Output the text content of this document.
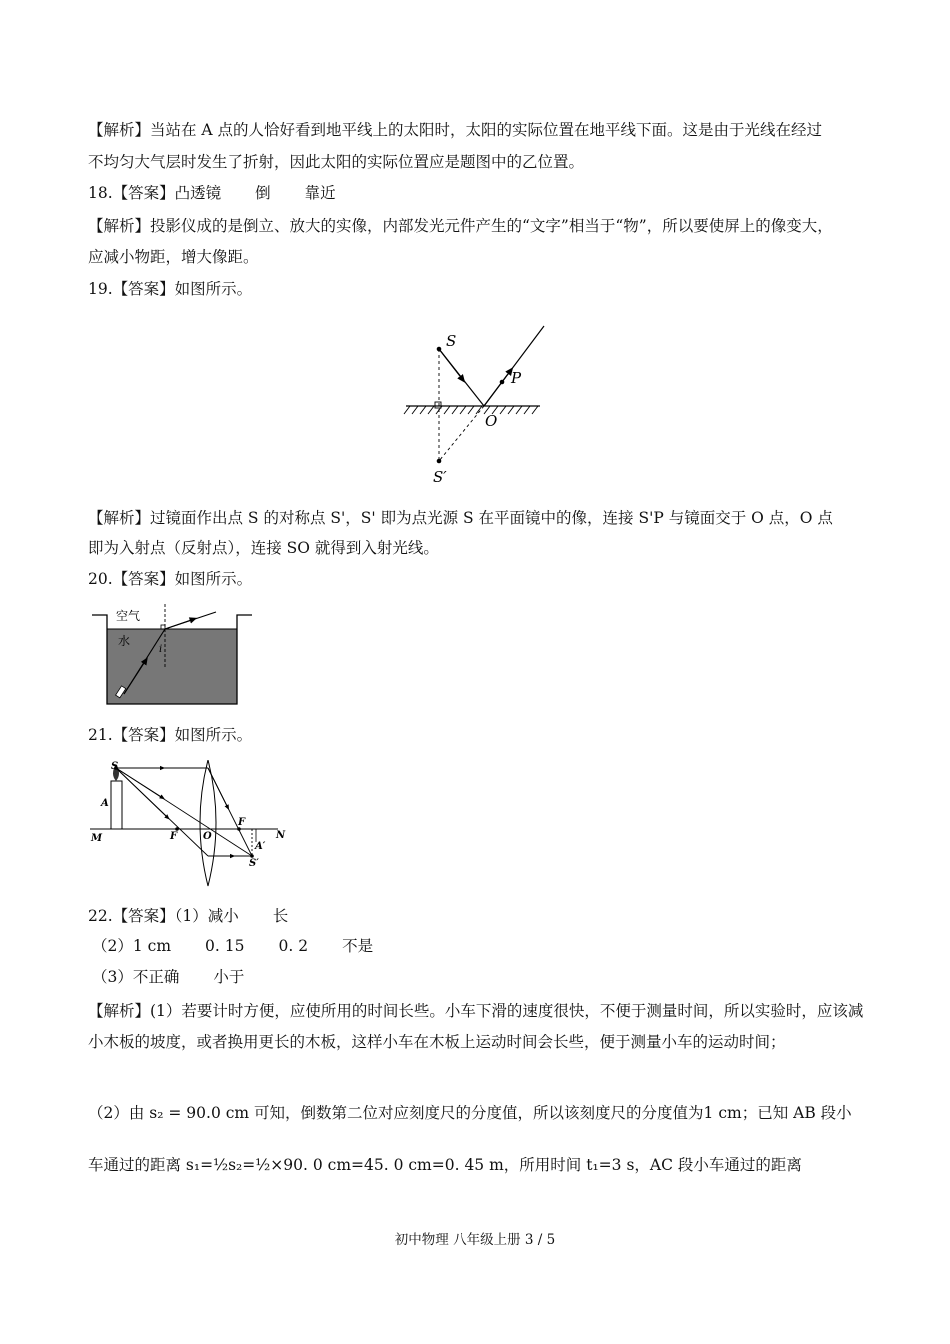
【解析】当站在 A 点的人恰好看到地平线上的太阳时，太阳的实际位置在地平线下面。这是由于光线在经过
不均匀大气层时发生了折射，因此太阳的实际位置应是题图中的乙位置。
18.【答案】凸透镜 倒 靠近
【解析】投影仪成的是倒立、放大的实像，内部发光元件产生的“文字”相当于“物”，所以要使屏上的像变大，
应减小物距，增大像距。
19.【答案】如图所示。
S
P
O
S′
【解析】过镜面作出点 S 的对称点 S'，S' 即为点光源 S 在平面镜中的像，连接 S'P 与镜面交于 O 点，O 点
即为入射点（反射点），连接 SO 就得到入射光线。
20.【答案】如图所示。
空气
水
i
21.【答案】如图所示。
S
A
M	F	O
F
N
A′
S′
22.【答案】（1）减小 长
（2）1 cm 0. 15 0. 2 不是
（3）不正确 小于
【解析】(1）若要计时方便，应使所用的时间长些。小车下滑的速度很快，不便于测量时间，所以实验时，应该减小木板的坡度，或者换用更长的木板，这样小车在木板上运动时间会长些，便于测量小车的运动时间；
（2）由 s₂ = 90.0 cm 可知，倒数第二位对应刻度尺的分度值，所以该刻度尺的分度值为1 cm；已知 AB 段小
车通过的距离 s₁=½s₂=½×90. 0 cm=45. 0 cm=0. 45 m，所用时间 t₁=3 s，AC 段小车通过的距离
初中物理 八年级上册 3 / 5
